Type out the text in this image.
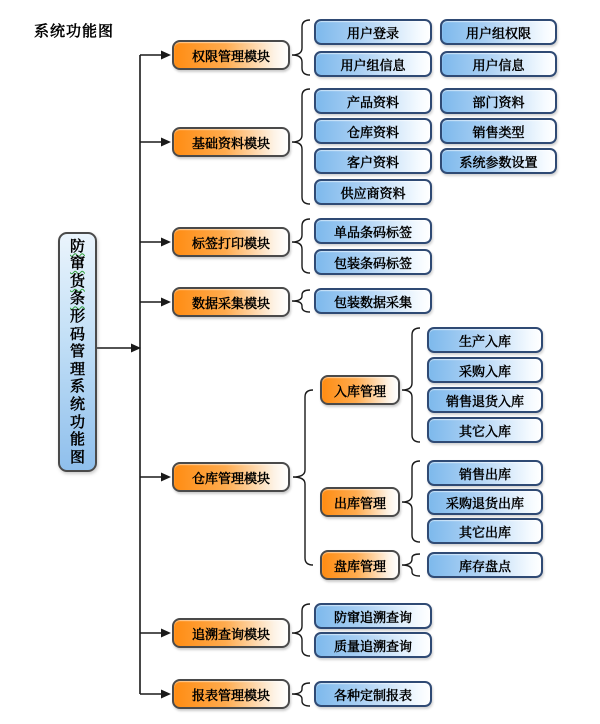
系统功能图
防
窜
货
条
形
码
管
理
系
统
功
能
图
权限管理模块
基础资料模块
标签打印模块
数据采集模块
仓库管理模块
追溯查询模块
报表管理模块
入库管理
出库管理
盘库管理
用户登录
用户组信息
用户组权限
用户信息
产品资料
仓库资料
客户资料
供应商资料
部门资料
销售类型
系统参数设置
单品条码标签
包装条码标签
包装数据采集
生产入库
采购入库
销售退货入库
其它入库
销售出库
采购退货出库
其它出库
库存盘点
防窜追溯查询
质量追溯查询
各种定制报表
